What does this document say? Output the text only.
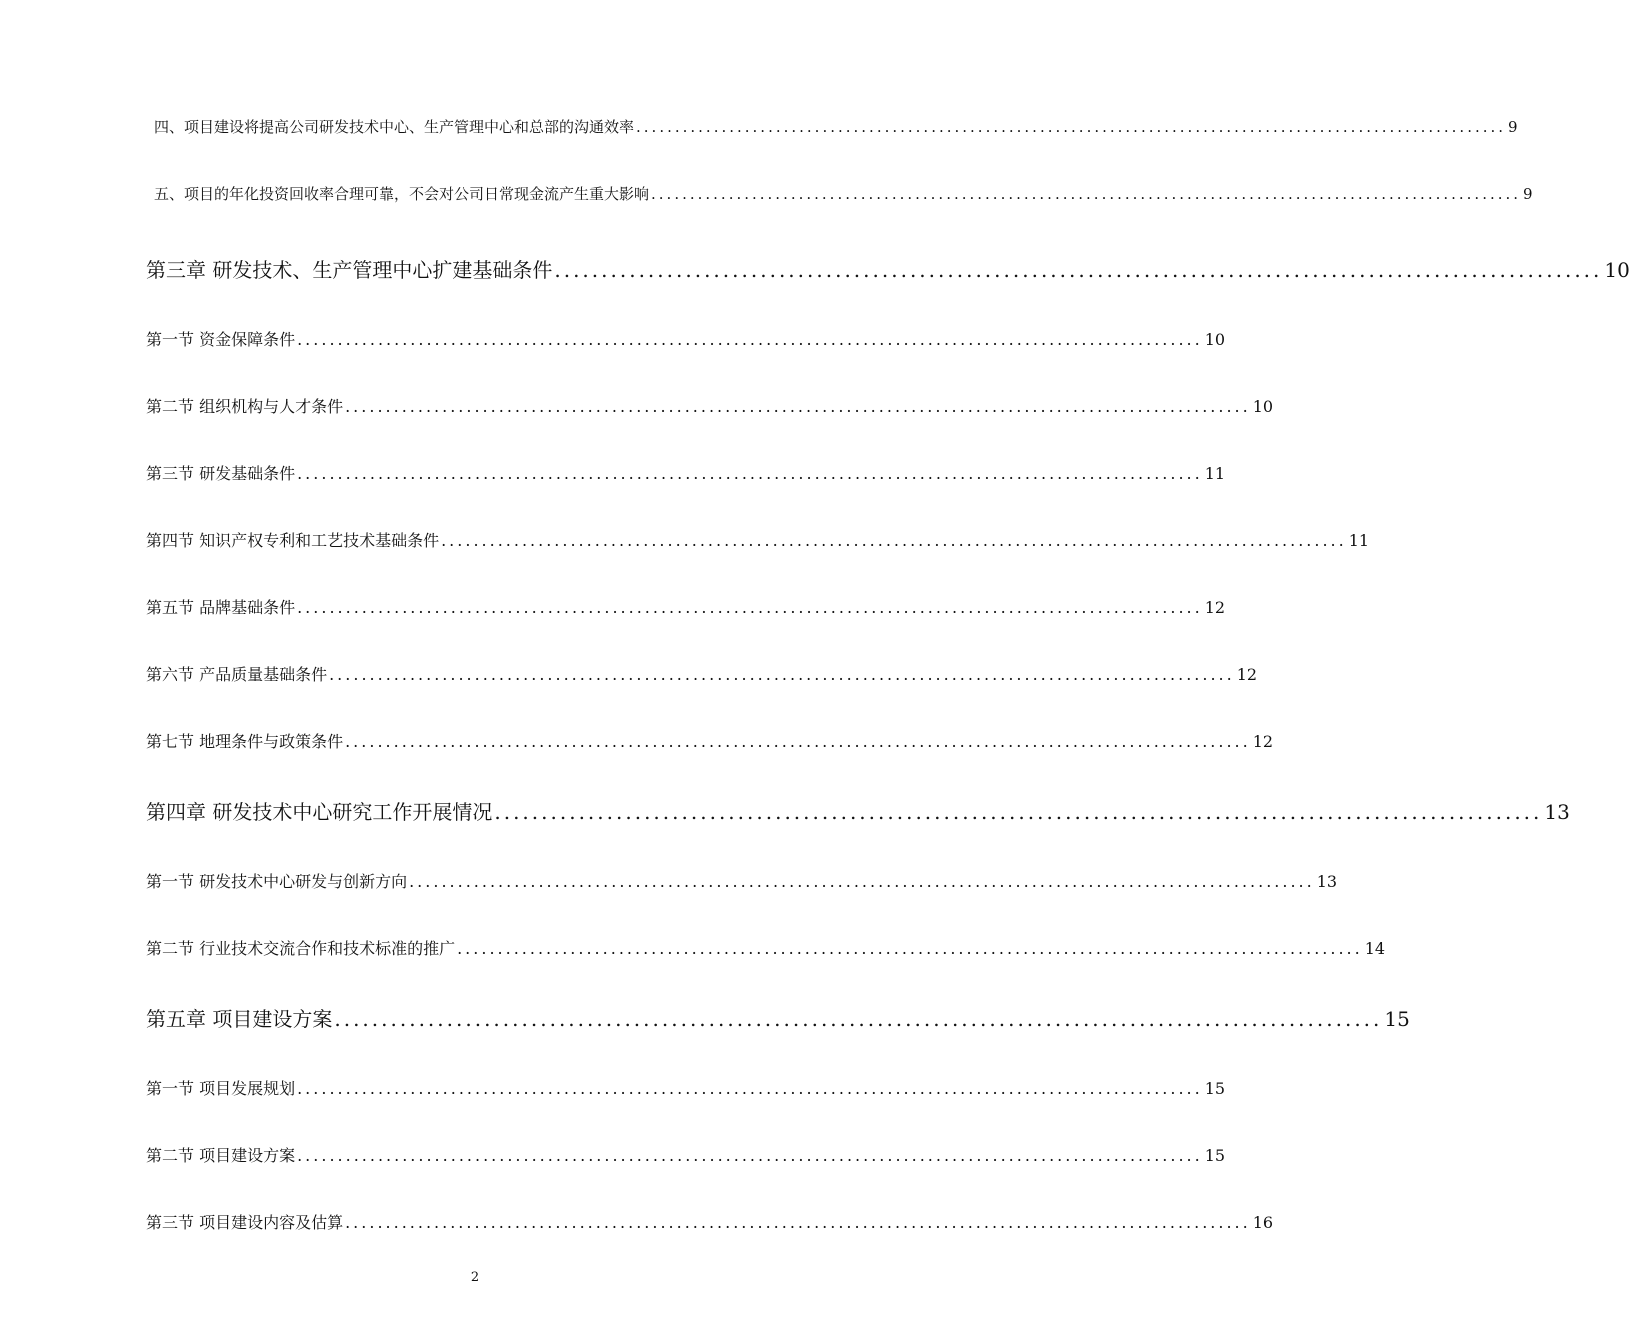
四、项目建设将提高公司研发技术中心、生产管理中心和总部的沟通效率 ................................................................................................................ 9
五、项目的年化投资回收率合理可靠，不会对公司日常现金流产生重大影响 ................................................................................................................ 9
第三章 研发技术、生产管理中心扩建基础条件 ................................................................................................................ 10
第一节 资金保障条件 ................................................................................................................ 10
第二节 组织机构与人才条件 ................................................................................................................ 10
第三节 研发基础条件 ................................................................................................................ 11
第四节 知识产权专利和工艺技术基础条件 ................................................................................................................ 11
第五节 品牌基础条件 ................................................................................................................ 12
第六节 产品质量基础条件 ................................................................................................................ 12
第七节 地理条件与政策条件 ................................................................................................................ 12
第四章 研发技术中心研究工作开展情况 ................................................................................................................ 13
第一节 研发技术中心研发与创新方向 ................................................................................................................ 13
第二节 行业技术交流合作和技术标准的推广 ................................................................................................................ 14
第五章 项目建设方案 ................................................................................................................ 15
第一节 项目发展规划 ................................................................................................................ 15
第二节 项目建设方案 ................................................................................................................ 15
第三节 项目建设内容及估算 ................................................................................................................ 16
2
